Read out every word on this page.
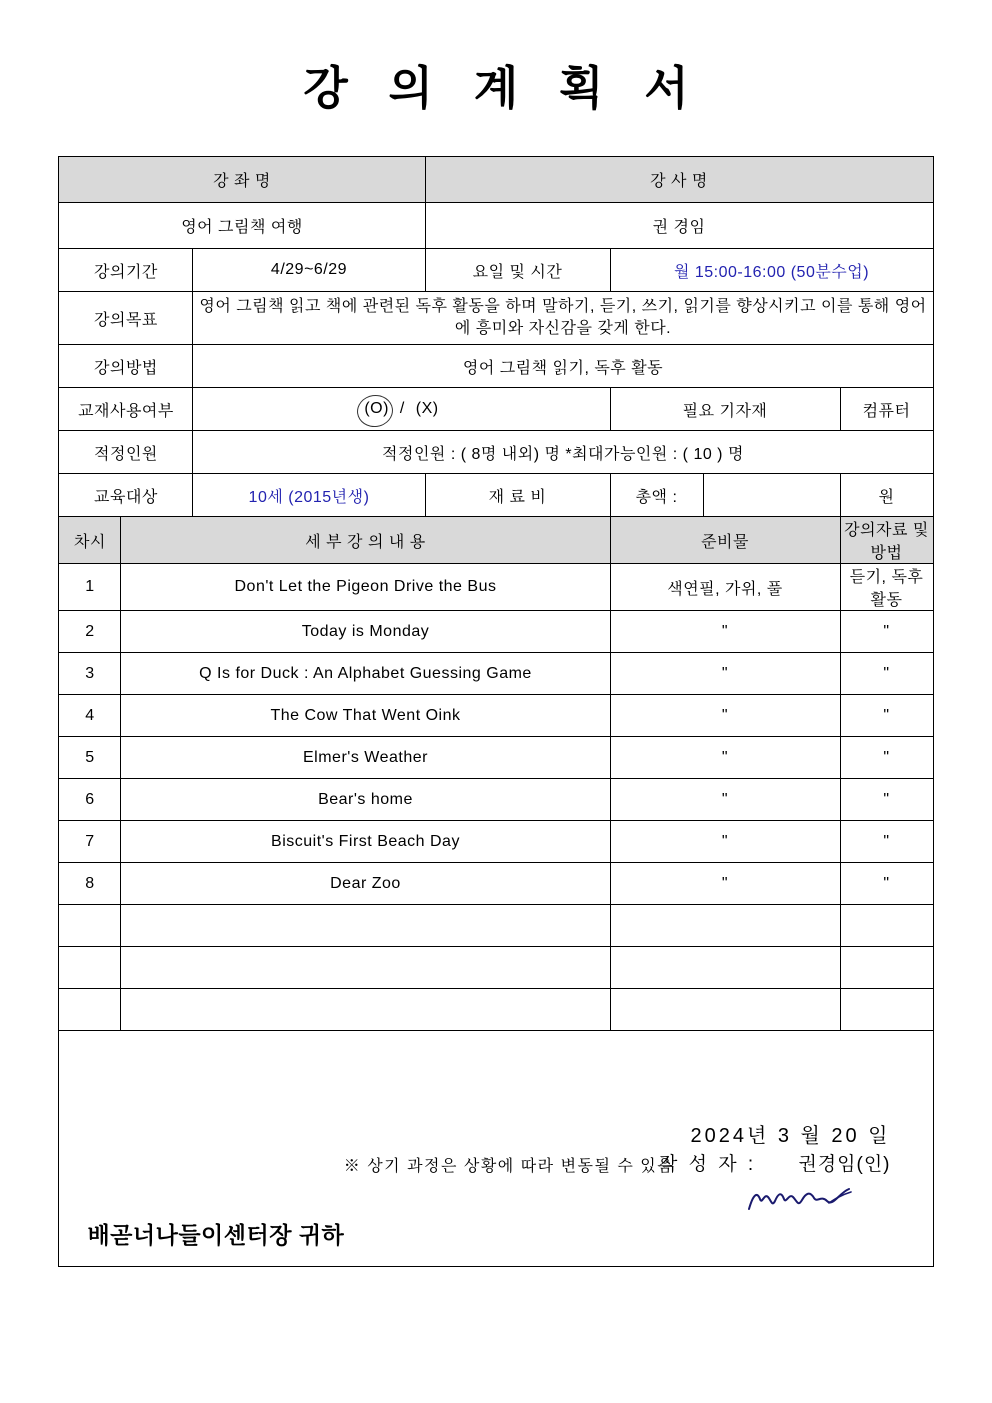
강 의 계 획 서
강 좌 명			강 사 명			
영어 그림책 여행			권 경임			
강의기간		4/29~6/29	요일 및 시간	월 15:00-16:00 (50분수업)		
강의목표		영어 그림책 읽고 책에 관련된 독후 활동을 하며 말하기, 듣기, 쓰기, 읽기를 향상시키고 이를 통해 영어에 흥미와 자신감을 갖게 한다.				
강의방법		영어 그림책 읽기, 독후 활동				
교재사용여부		(O) / (X)		필요 기자재		컴퓨터
적정인원		적정인원 : ( 8명 내외) 명 *최대가능인원 : ( 10 ) 명				
교육대상		10세 (2015년생)	재 료 비	총액 :		원
차시	세 부 강 의 내 용			준비물		강의자료 및 방법
1	Don't Let the Pigeon Drive the Bus			색연필, 가위, 풀		듣기, 독후 활동
2	Today is Monday			"		"
3	Q Is for Duck : An Alphabet Guessing Game			"		"
4	The Cow That Went Oink			"		"
5	Elmer's Weather			"		"
6	Bear's home			"		"
7	Biscuit's First Beach Day			"		"
8	Dear Zoo			"		"

※ 상기 과정은 상황에 따라 변동될 수 있음
2024년 3 월 20 일
작 성 자 : 권경임(인)
배곧너나들이센터장 귀하						
